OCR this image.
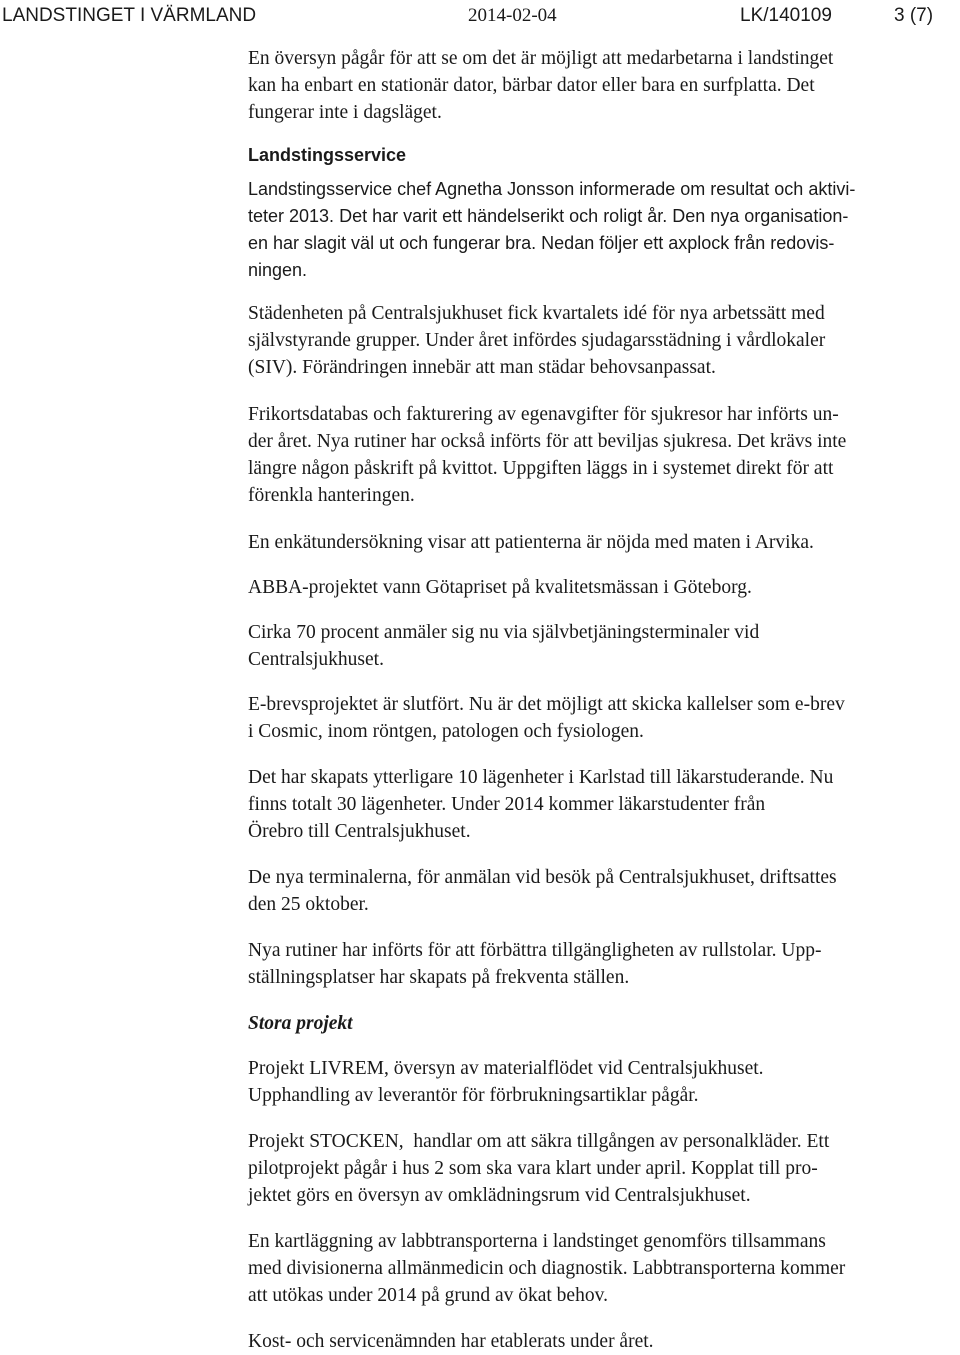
LANDSTINGET I VÄRMLAND	2014-02-04	LK/140109	3 (7)

En översyn pågår för att se om det är möjligt att medarbetarna i landstinget
kan ha enbart en stationär dator, bärbar dator eller bara en surfplatta. Det
fungerar inte i dagsläget.

Landstingsservice

Landstingsservice chef Agnetha Jonsson informerade om resultat och aktivi-
teter 2013. Det har varit ett händelserikt och roligt år. Den nya organisation-
en har slagit väl ut och fungerar bra. Nedan följer ett axplock från redovis-
ningen.

Städenheten på Centralsjukhuset fick kvartalets idé för nya arbetssätt med
självstyrande grupper. Under året infördes sjudagarsstädning i vårdlokaler
(SIV). Förändringen innebär att man städar behovsanpassat.

Frikortsdatabas och fakturering av egenavgifter för sjukresor har införts un-
der året. Nya rutiner har också införts för att beviljas sjukresa. Det krävs inte
längre någon påskrift på kvittot. Uppgiften läggs in i systemet direkt för att
förenkla hanteringen.

En enkätundersökning visar att patienterna är nöjda med maten i Arvika.

ABBA-projektet vann Götapriset på kvalitetsmässan i Göteborg.

Cirka 70 procent anmäler sig nu via självbetjäningsterminaler vid
Centralsjukhuset.

E-brevsprojektet är slutfört. Nu är det möjligt att skicka kallelser som e-brev
i Cosmic, inom röntgen, patologen och fysiologen.

Det har skapats ytterligare 10 lägenheter i Karlstad till läkarstuderande. Nu
finns totalt 30 lägenheter. Under 2014 kommer läkarstudenter från
Örebro till Centralsjukhuset.

De nya terminalerna, för anmälan vid besök på Centralsjukhuset, driftsattes
den 25 oktober.

Nya rutiner har införts för att förbättra tillgängligheten av rullstolar. Upp-
ställningsplatser har skapats på frekventa ställen.

Stora projekt

Projekt LIVREM, översyn av materialflödet vid Centralsjukhuset.
Upphandling av leverantör för förbrukningsartiklar pågår.

Projekt STOCKEN,  handlar om att säkra tillgången av personalkläder. Ett
pilotprojekt pågår i hus 2 som ska vara klart under april. Kopplat till pro-
jektet görs en översyn av omklädningsrum vid Centralsjukhuset.

En kartläggning av labbtransporterna i landstinget genomförs tillsammans
med divisionerna allmänmedicin och diagnostik. Labbtransporterna kommer
att utökas under 2014 på grund av ökat behov.

Kost- och servicenämnden har etablerats under året.
